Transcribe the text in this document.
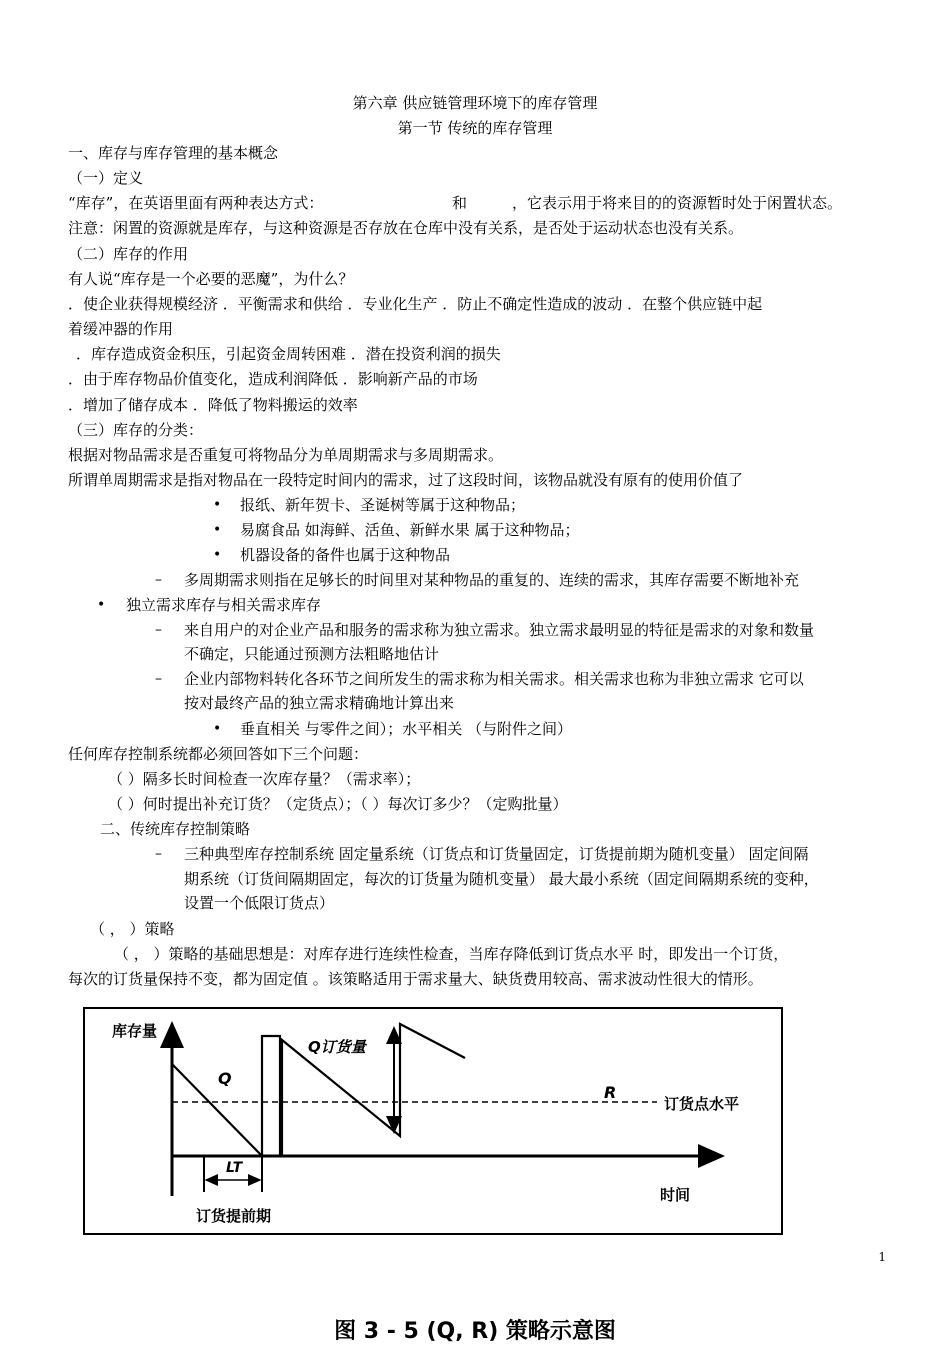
第六章 供应链管理环境下的库存管理
第一节 传统的库存管理
一、库存与库存管理的基本概念
（一）定义
“库存”，在英语里面有两种表达方式：	和	，它表示用于将来目的的资源暂时处于闲置状态。
注意：闲置的资源就是库存，与这种资源是否存放在仓库中没有关系，是否处于运动状态也没有关系。
（二）库存的作用
有人说“库存是一个必要的恶魔”，为什么？
．使企业获得规模经济 ．平衡需求和供给 ．专业化生产 ．防止不确定性造成的波动 ．在整个供应链中起
着缓冲器的作用
．库存造成资金积压，引起资金周转困难 ．潜在投资利润的损失
．由于库存物品价值变化，造成利润降低 ．影响新产品的市场
．增加了储存成本 ．降低了物料搬运的效率
（三）库存的分类：
根据对物品需求是否重复可将物品分为单周期需求与多周期需求。
所谓单周期需求是指对物品在一段特定时间内的需求，过了这段时间，该物品就没有原有的使用价值了
• 报纸、新年贺卡、圣诞树等属于这种物品；
• 易腐食品 如海鲜、活鱼、新鲜水果 属于这种物品；
• 机器设备的备件也属于这种物品
– 多周期需求则指在足够长的时间里对某种物品的重复的、连续的需求，其库存需要不断地补充
• 独立需求库存与相关需求库存
– 来自用户的对企业产品和服务的需求称为独立需求。独立需求最明显的特征是需求的对象和数量
不确定，只能通过预测方法粗略地估计
– 企业内部物料转化各环节之间所发生的需求称为相关需求。相关需求也称为非独立需求 它可以
按对最终产品的独立需求精确地计算出来
• 垂直相关 与零件之间）；水平相关 （与附件之间）
任何库存控制系统都必须回答如下三个问题：
（ ）隔多长时间检查一次库存量？（需求率）；
（ ）何时提出补充订货？（定货点）；（ ）每次订多少？（定购批量）
二、传统库存控制策略
– 三种典型库存控制系统 固定量系统（订货点和订货量固定，订货提前期为随机变量） 固定间隔
期系统（订货间隔期固定，每次的订货量为随机变量） 最大最小系统（固定间隔期系统的变种，
设置一个低限订货点）
（ ， ）策略
（ ， ）策略的基础思想是：对库存进行连续性检查，当库存降低到订货点水平 时，即发出一个订货，
每次的订货量保持不变，都为固定值 。该策略适用于需求量大、缺货费用较高、需求波动性很大的情形。
库存量
Q
Q订货量
R
订货点水平
LT
时间
订货提前期
1
图 3 - 5 (Q, R) 策略示意图
